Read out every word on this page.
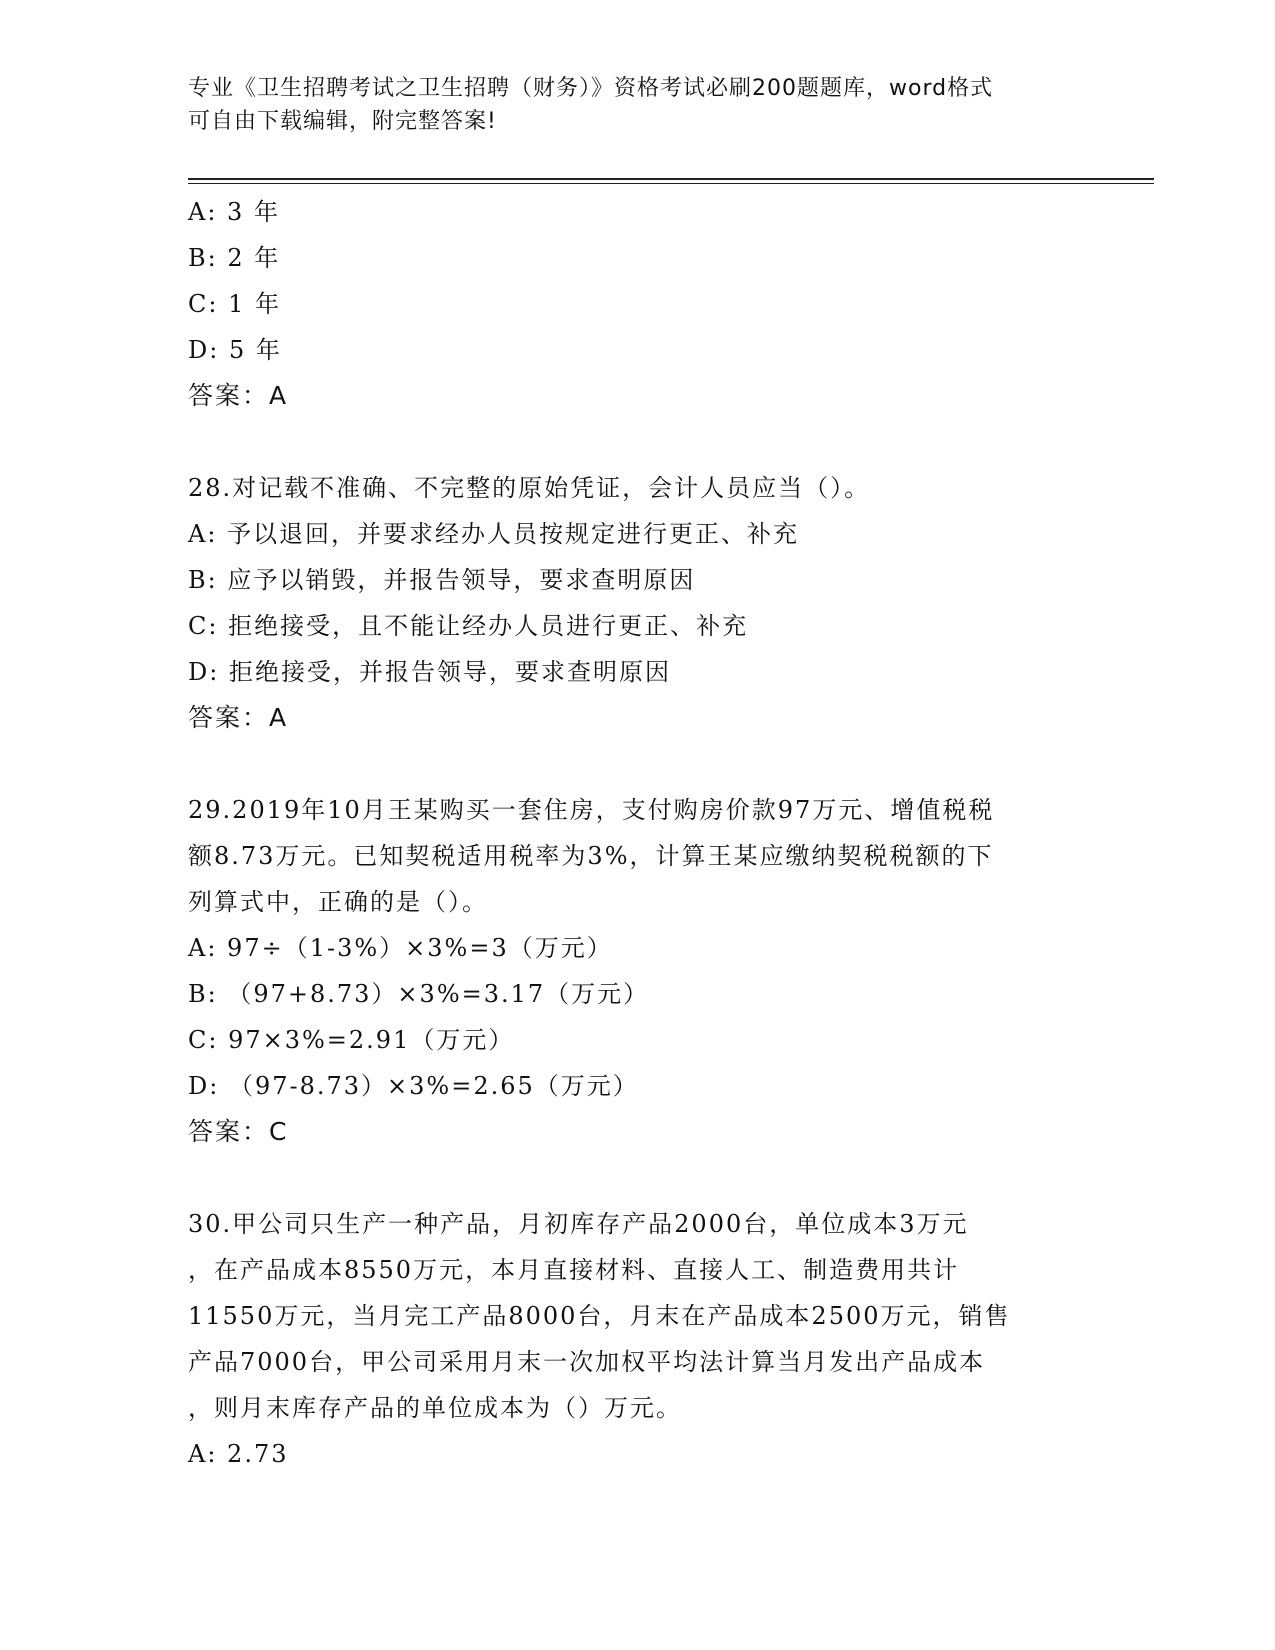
专业《卫生招聘考试之卫生招聘（财务）》资格考试必刷200题题库，word格式
可自由下载编辑，附完整答案!
A: 3 年
B: 2 年
C: 1 年
D: 5 年
答案：A
28.对记载不准确、不完整的原始凭证，会计人员应当（）。
A: 予以退回，并要求经办人员按规定进行更正、补充
B: 应予以销毁，并报告领导，要求查明原因
C: 拒绝接受，且不能让经办人员进行更正、补充
D: 拒绝接受，并报告领导，要求查明原因
答案：A
29.2019年10月王某购买一套住房，支付购房价款97万元、增值税税
额8.73万元。已知契税适用税率为3%，计算王某应缴纳契税税额的下
列算式中，正确的是（）。
A: 97÷（1-3%）×3%=3（万元）
B: （97+8.73）×3%=3.17（万元）
C: 97×3%=2.91（万元）
D: （97-8.73）×3%=2.65（万元）
答案：C
30.甲公司只生产一种产品，月初库存产品2000台，单位成本3万元
，在产品成本8550万元，本月直接材料、直接人工、制造费用共计
11550万元，当月完工产品8000台，月末在产品成本2500万元，销售
产品7000台，甲公司采用月末一次加权平均法计算当月发出产品成本
，则月末库存产品的单位成本为（）万元。
A: 2.73
